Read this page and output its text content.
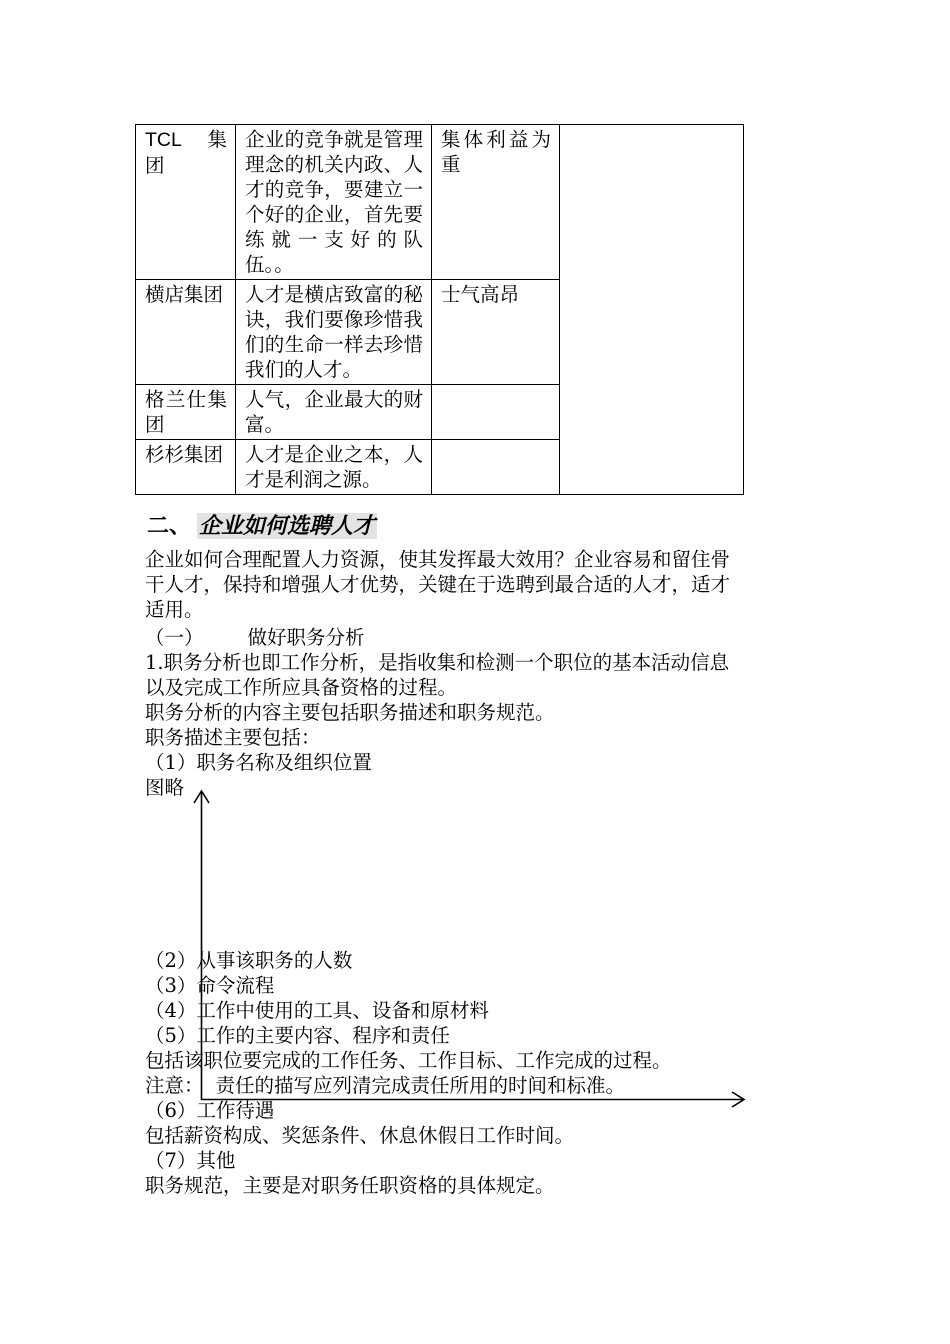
TCL 集团	企业的竞争就是管理理念的机关内政、人才的竞争，要建立一个好的企业，首先要练就一支好的队伍。。	集体利益为重	
横店集团	人才是横店致富的秘诀，我们要像珍惜我们的生命一样去珍惜我们的人才。	士气高昂	
格兰仕集团	人气，企业最大的财富。		
杉杉集团	人才是企业之本，人才是利润之源。		
二、 企业如何选聘人才

企业如何合理配置人力资源，使其发挥最大效用？企业容易和留住骨

干人才，保持和增强人才优势，关键在于选聘到最合适的人才，适才

适用。

（一） 做好职务分析

1.职务分析也即工作分析，是指收集和检测一个职位的基本活动信息

以及完成工作所应具备资格的过程。

职务分析的内容主要包括职务描述和职务规范。

职务描述主要包括：

（1）职务名称及组织位置

图略

（2）从事该职务的人数

（3）命令流程

（4）工作中使用的工具、设备和原材料

（5）工作的主要内容、程序和责任

包括该职位要完成的工作任务、工作目标、工作完成的过程。

注意： 责任的描写应列清完成责任所用的时间和标准。

（6）工作待遇

包括薪资构成、奖惩条件、休息休假日工作时间。

（7）其他

职务规范，主要是对职务任职资格的具体规定。
